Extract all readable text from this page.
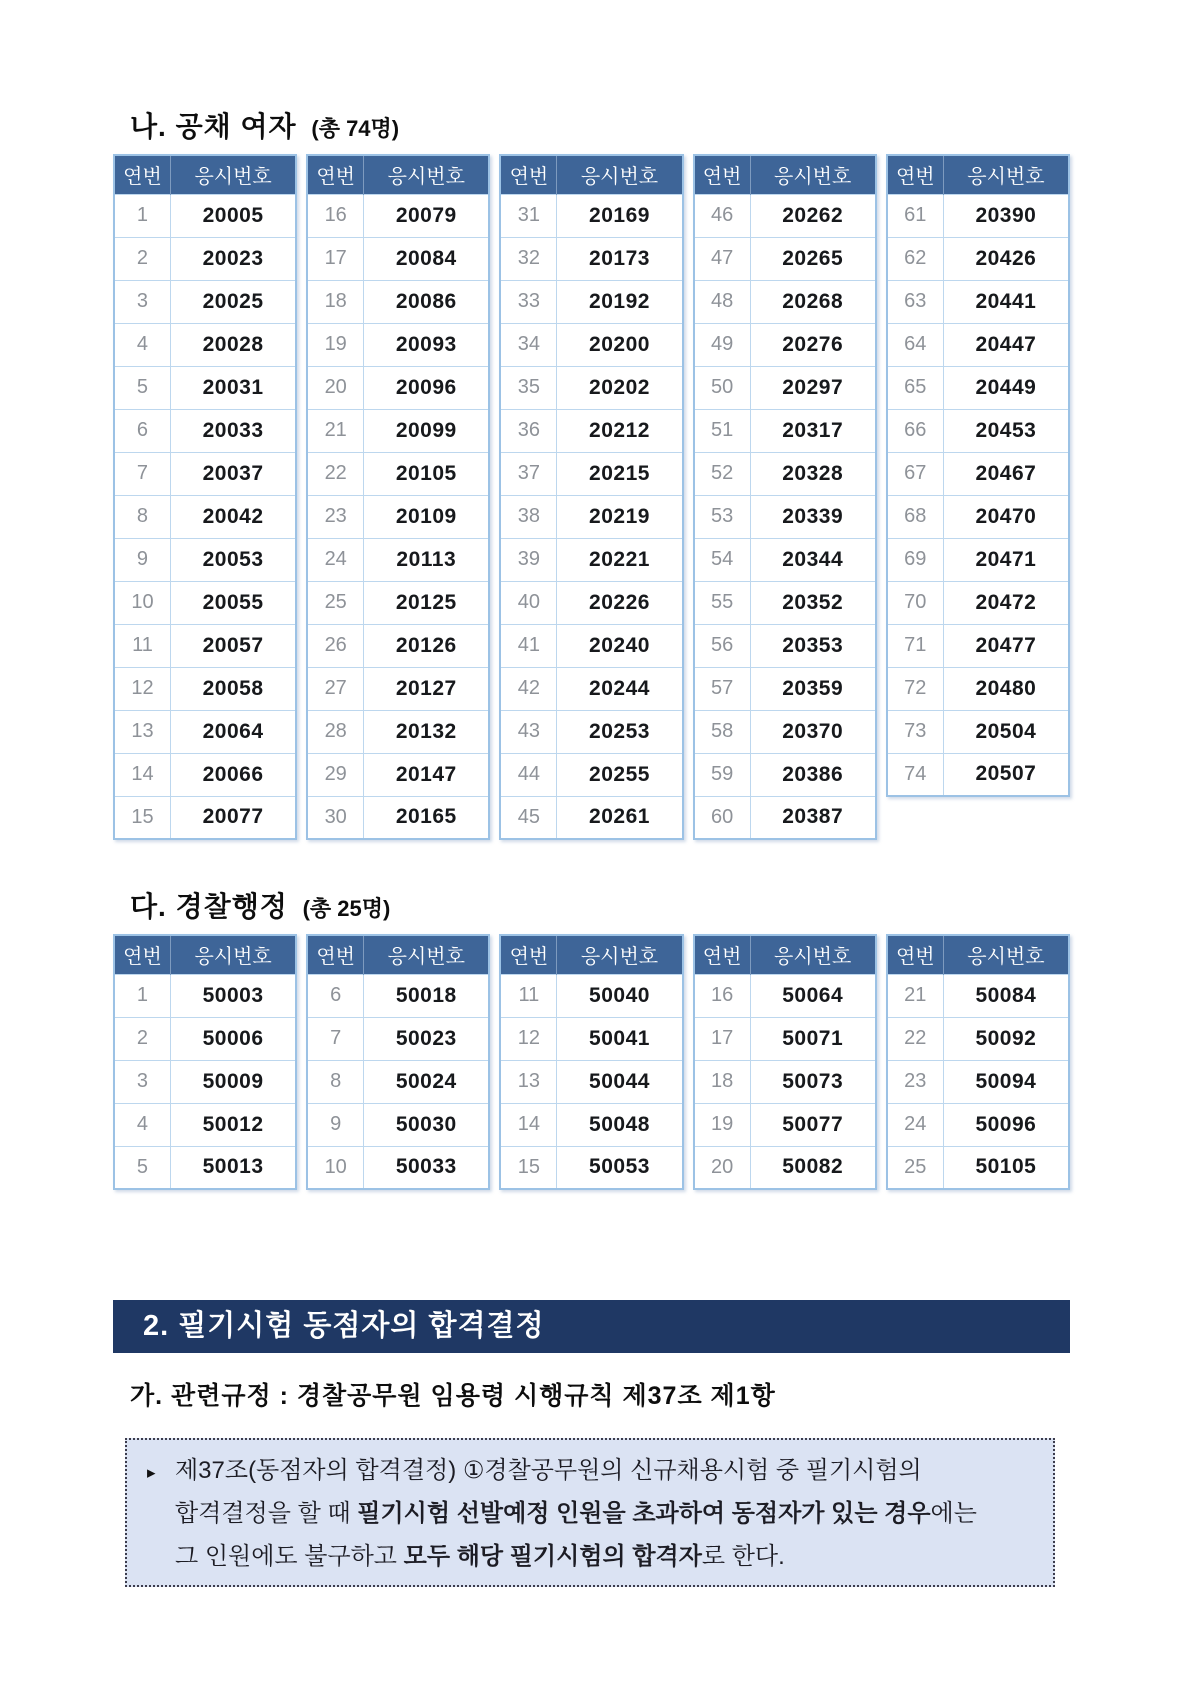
나. 공채 여자 (총 74명)
연번	응시번호
1	20005
2	20023
3	20025
4	20028
5	20031
6	20033
7	20037
8	20042
9	20053
10	20055
11	20057
12	20058
13	20064
14	20066
15	20077
연번	응시번호
16	20079
17	20084
18	20086
19	20093
20	20096
21	20099
22	20105
23	20109
24	20113
25	20125
26	20126
27	20127
28	20132
29	20147
30	20165
연번	응시번호
31	20169
32	20173
33	20192
34	20200
35	20202
36	20212
37	20215
38	20219
39	20221
40	20226
41	20240
42	20244
43	20253
44	20255
45	20261
연번	응시번호
46	20262
47	20265
48	20268
49	20276
50	20297
51	20317
52	20328
53	20339
54	20344
55	20352
56	20353
57	20359
58	20370
59	20386
60	20387
연번	응시번호
61	20390
62	20426
63	20441
64	20447
65	20449
66	20453
67	20467
68	20470
69	20471
70	20472
71	20477
72	20480
73	20504
74	20507
다. 경찰행정 (총 25명)
연번	응시번호
1	50003
2	50006
3	50009
4	50012
5	50013
연번	응시번호
6	50018
7	50023
8	50024
9	50030
10	50033
연번	응시번호
11	50040
12	50041
13	50044
14	50048
15	50053
연번	응시번호
16	50064
17	50071
18	50073
19	50077
20	50082
연번	응시번호
21	50084
22	50092
23	50094
24	50096
25	50105
2. 필기시험 동점자의 합격결정
가. 관련규정 : 경찰공무원 임용령 시행규칙 제37조 제1항
▸ 제37조(동점자의 합격결정) ①경찰공무원의 신규채용시험 중 필기시험의
합격결정을 할 때 필기시험 선발예정 인원을 초과하여 동점자가 있는 경우에는
그 인원에도 불구하고 모두 해당 필기시험의 합격자로 한다.
